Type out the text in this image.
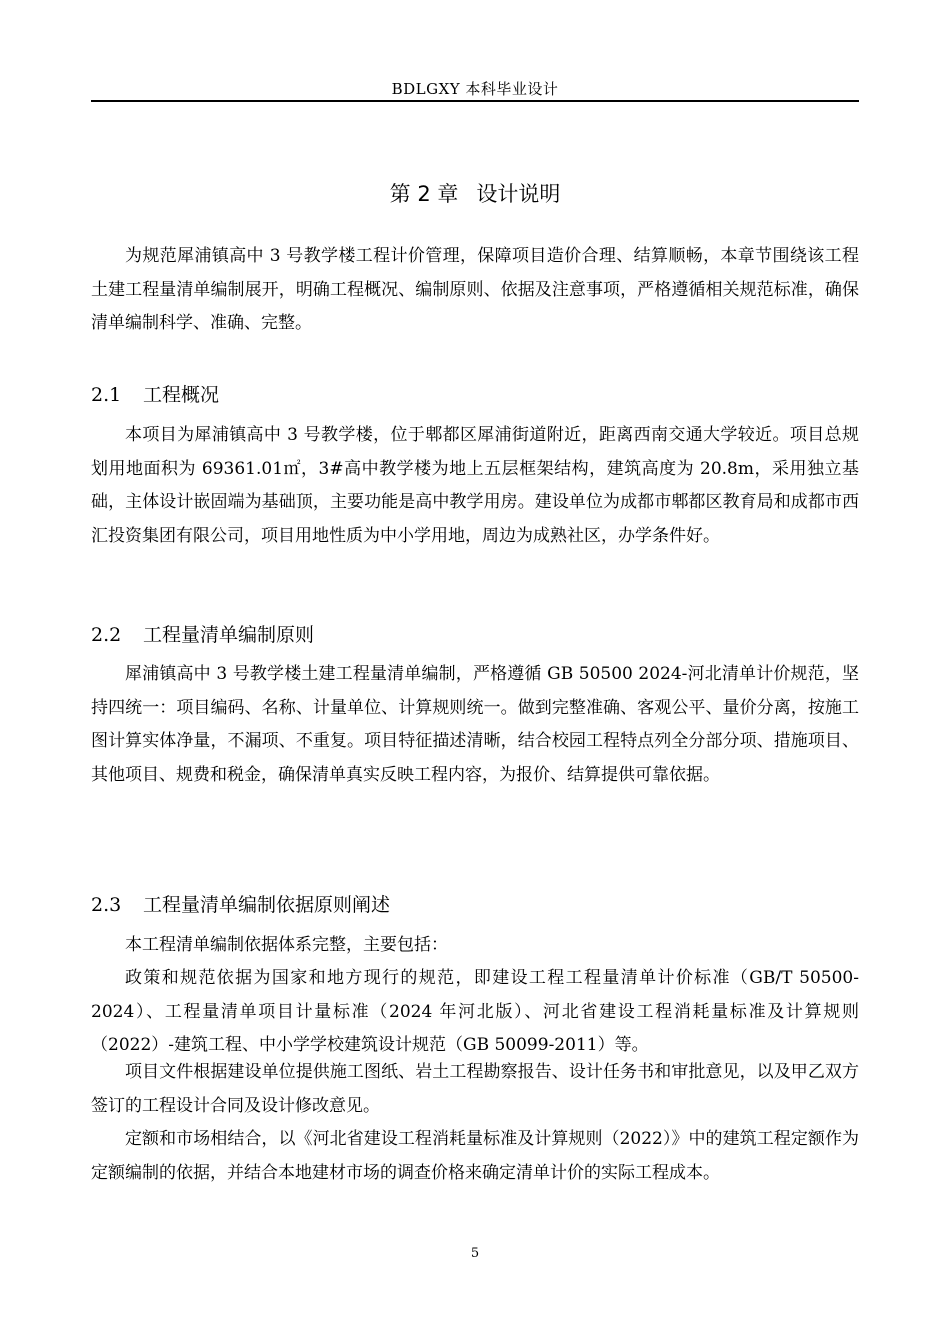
BDLGXY 本科毕业设计
第 2 章 设计说明

为规范犀浦镇高中 3 号教学楼工程计价管理，保障项目造价合理、结算顺畅，本章节围绕该工程土建工程量清单编制展开，明确工程概况、编制原则、依据及注意事项，严格遵循相关规范标准，确保清单编制科学、准确、完整。

2.1 工程概况

本项目为犀浦镇高中 3 号教学楼，位于郫都区犀浦街道附近，距离西南交通大学较近。项目总规划用地面积为 69361.01㎡，3#高中教学楼为地上五层框架结构，建筑高度为 20.8m，采用独立基础，主体设计嵌固端为基础顶，主要功能是高中教学用房。建设单位为成都市郫都区教育局和成都市西汇投资集团有限公司，项目用地性质为中小学用地，周边为成熟社区，办学条件好。

2.2 工程量清单编制原则

犀浦镇高中 3 号教学楼土建工程量清单编制，严格遵循 GB 50500 2024-河北清单计价规范，坚持四统一：项目编码、名称、计量单位、计算规则统一。做到完整准确、客观公平、量价分离，按施工图计算实体净量，不漏项、不重复。项目特征描述清晰，结合校园工程特点列全分部分项、措施项目、其他项目、规费和税金，确保清单真实反映工程内容，为报价、结算提供可靠依据。

2.3 工程量清单编制依据原则阐述

本工程清单编制依据体系完整，主要包括：

政策和规范依据为国家和地方现行的规范，即建设工程工程量清单计价标准（GB/T 50500-2024）、工程量清单项目计量标准（2024 年河北版）、河北省建设工程消耗量标准及计算规则（2022）-建筑工程、中小学学校建筑设计规范（GB 50099-2011）等。

项目文件根据建设单位提供施工图纸、岩土工程勘察报告、设计任务书和审批意见，以及甲乙双方签订的工程设计合同及设计修改意见。

定额和市场相结合，以《河北省建设工程消耗量标准及计算规则（2022）》中的建筑工程定额作为定额编制的依据，并结合本地建材市场的调查价格来确定清单计价的实际工程成本。

5
